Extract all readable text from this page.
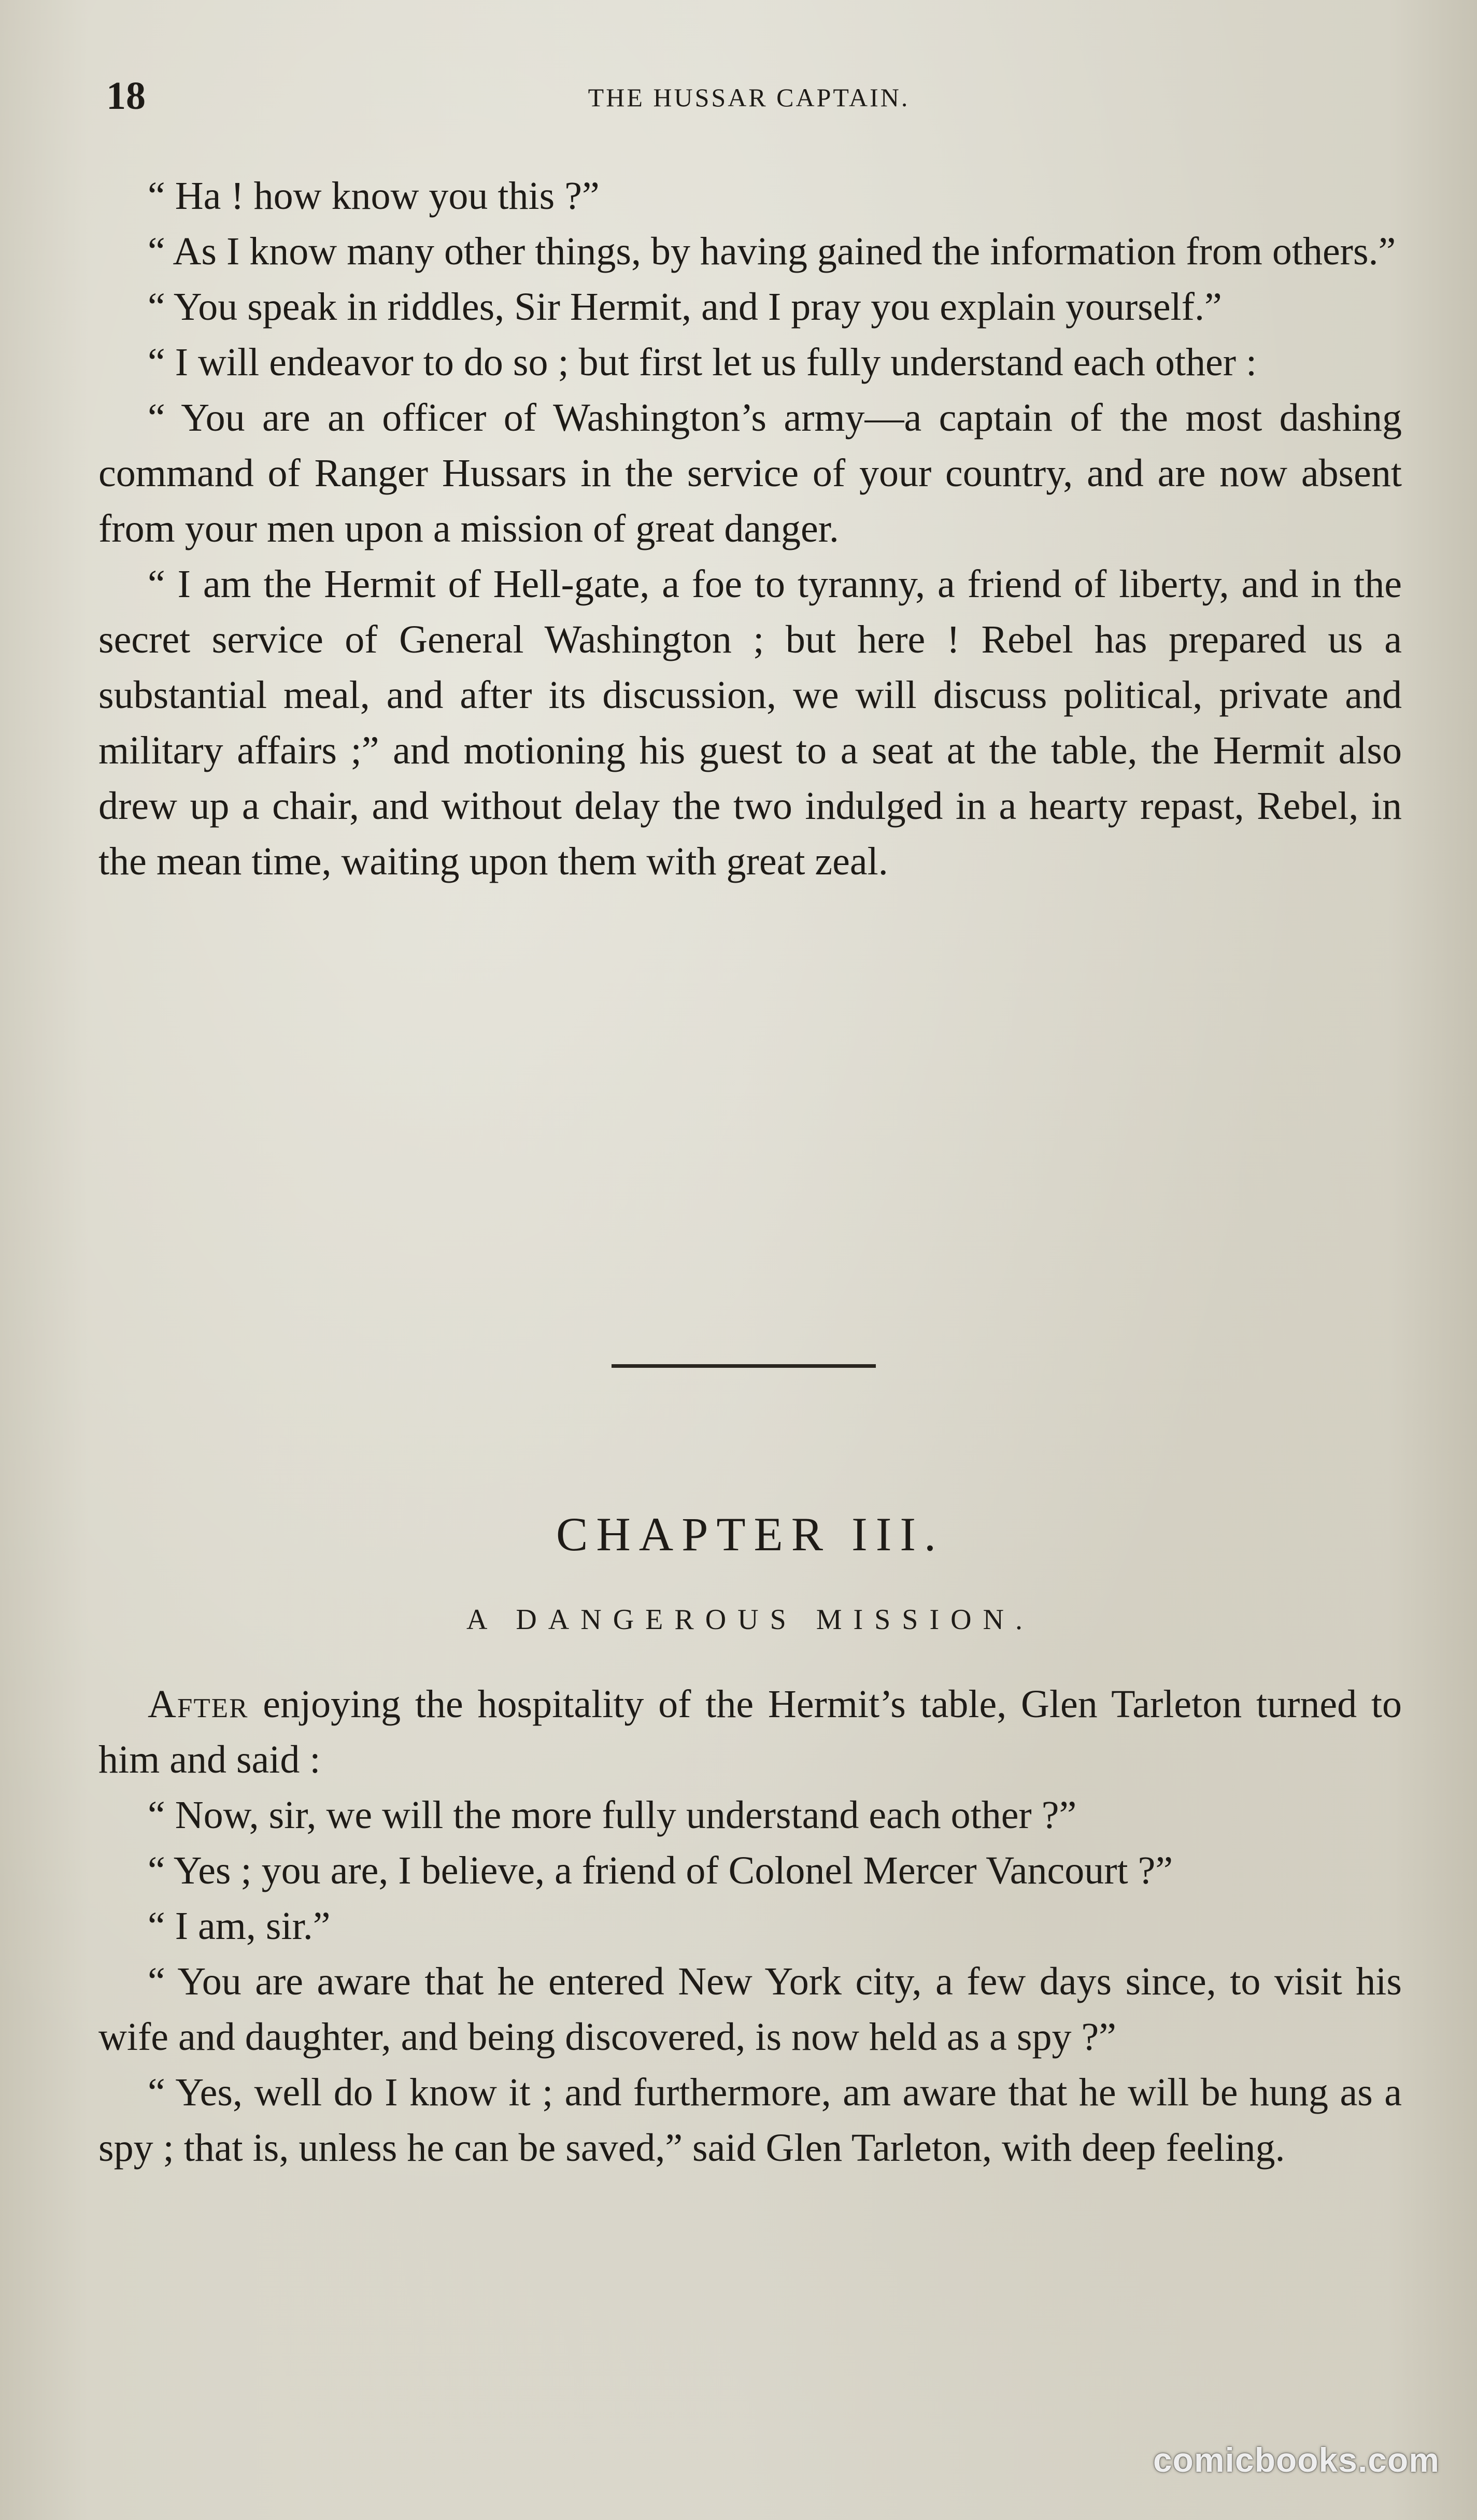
18	THE HUSSAR CAPTAIN.

“ Ha ! how know you this ?”

“ As I know many other things, by having gained the information from others.”

“ You speak in riddles, Sir Hermit, and I pray you explain yourself.”

“ I will endeavor to do so ; but first let us fully understand each other :

“ You are an officer of Washington’s army—a captain of the most dashing command of Ranger Hussars in the service of your country, and are now absent from your men upon a mission of great danger.

“ I am the Hermit of Hell-gate, a foe to tyranny, a friend of liberty, and in the secret service of General Washington ; but here ! Rebel has prepared us a substantial meal, and after its discussion, we will discuss political, private and military affairs ;” and motioning his guest to a seat at the table, the Hermit also drew up a chair, and without delay the two indulged in a hearty repast, Rebel, in the mean time, waiting upon them with great zeal.

CHAPTER III.
A DANGEROUS MISSION.

After enjoying the hospitality of the Hermit’s table, Glen Tarleton turned to him and said :

“ Now, sir, we will the more fully understand each other ?”

“ Yes ; you are, I believe, a friend of Colonel Mercer Vancourt ?”

“ I am, sir.”

“ You are aware that he entered New York city, a few days since, to visit his wife and daughter, and being discovered, is now held as a spy ?”

“ Yes, well do I know it ; and furthermore, am aware that he will be hung as a spy ; that is, unless he can be saved,” said Glen Tarleton, with deep feeling.

comicbooks.com
